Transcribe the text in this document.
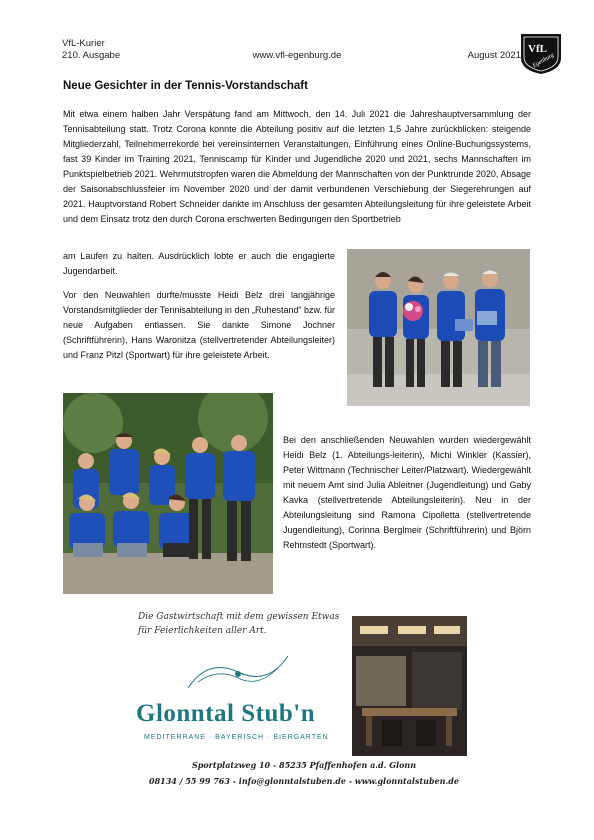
VfL-Kurier
210. Ausgabe	www.vfl-egenburg.de	August 2021
VfL
Egenburg
Neue Gesichter in der Tennis-Vorstandschaft

Mit etwa einem halben Jahr Verspätung fand am Mittwoch, den 14. Juli 2021 die Jahreshauptversammlung der Tennisabteilung statt. Trotz Corona konnte die Abteilung positiv auf die letzten 1,5 Jahre zurückblicken: steigende Mitgliederzahl, Teilnehmerrekorde bei vereinsinternen Veranstaltungen, Einführung eines Online-Buchungssystems, fast 39 Kinder im Training 2021, Tenniscamp für Kinder und Jugendliche 2020 und 2021, sechs Mannschaften im Punktspielbetrieb 2021. Wehrmutstropfen waren die Abmeldung der Mannschaften von der Punktrunde 2020, Absage der Saisonabschlussfeier im November 2020 und der damit verbundenen Verschiebung der Siegerehrungen auf 2021. Hauptvorstand Robert Schneider dankte im Anschluss der gesamten Abteilungsleitung für ihre geleistete Arbeit und dem Einsatz trotz den durch Corona erschwerten Bedingungen den Sportbetrieb

am Laufen zu halten. Ausdrücklich lobte er auch die engagierte Jugendarbeit.

Vor den Neuwahlen durfte/musste Heidi Belz drei langjährige Vorstandsmitglieder der Tennisabteilung in den „Ruhestand“ bzw. für neue Aufgaben entlassen. Sie dankte Simone Jochner (Schriftführerin), Hans Waronitza (stellvertretender Abteilungsleiter) und Franz Pitzl (Sportwart) für ihre geleistete Arbeit.

Bei den anschließenden Neuwahlen wurden wiedergewählt Heidi Belz (1. Abteilungs-leiterin), Michi Winkler (Kassier), Peter Wittmann (Technischer Leiter/Platzwart). Wiedergewählt mit neuem Amt sind Julia Ableitner (Jugendleitung) und Gaby Kavka (stellvertretende Abteilungsleiterin). Neu in der Abteilungsleitung sind Ramona Cipolletta (stellvertretende Jugendleitung), Corinna Berglmeir (Schriftführerin) und Björn Rehmstedt (Sportwart).

Die Gastwirtschaft mit dem gewissen Etwas
für Feierlichkeiten aller Art.
Glonntal Stub'n
MEDITERRANE · BAYERISCH · BIERGARTEN
Sportplatzweg 10 - 85235 Pfaffenhofen a.d. Glonn
08134 / 55 99 763 - info@glonntalstuben.de - www.glonntalstuben.de
